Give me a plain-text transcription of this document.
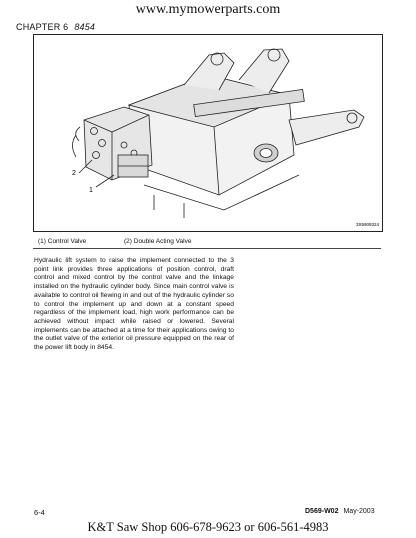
www.mymowerparts.com
CHAPTER 6 8454
2
1
3S5909324
(1) Control Valve	(2) Double Acting Valve
Hydraulic lift system to raise the implement connected to the 3 point link provides three applications of position control, draft control and mixed control by the control valve and the linkage installed on the hydraulic cylinder body. Since main control valve is available to control oil flewing in and out of the hydraulic cylinder so to control the implement up and down at a constant speed regardless of the implement load, high work performance can be achieved without impact while raised or lowered. Several implements can be attached at a time for their applications owing to the outlet valve of the exterior oil pressure equipped on the rear of the power lift body in 8454.
6-4	D569-W02 May-2003
K&T Saw Shop 606-678-9623 or 606-561-4983
